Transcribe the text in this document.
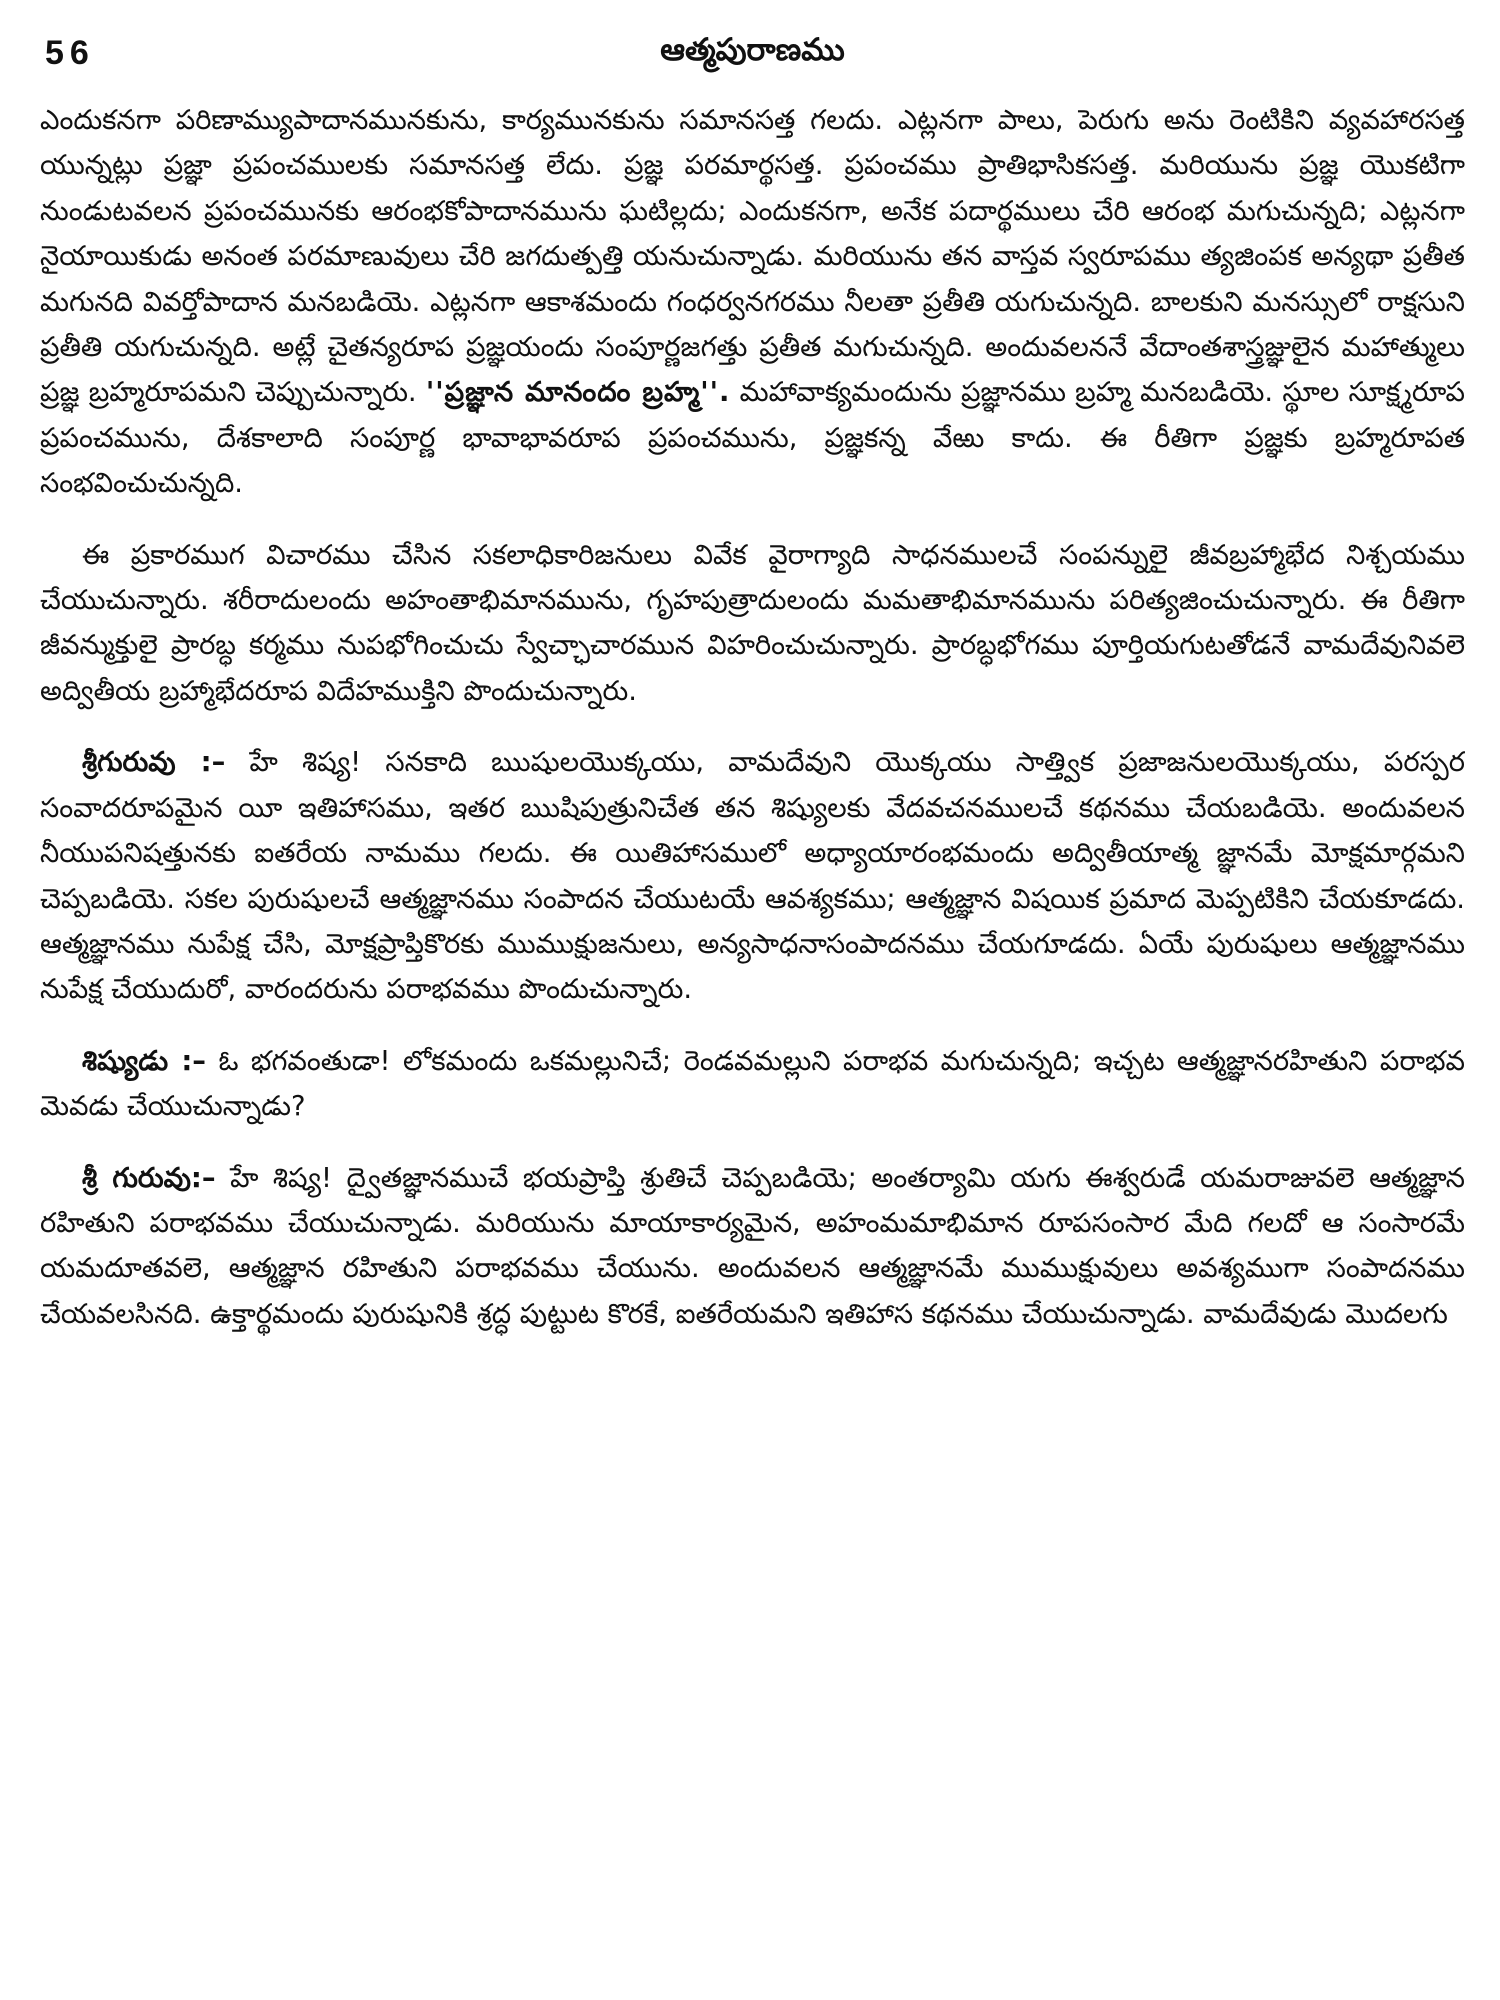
56	ఆత్మపురాణము

ఎందుకనగా పరిణామ్యుపాదానమునకును, కార్యమునకును సమానసత్త గలదు. ఎట్లనగా పాలు, పెరుగు అను రెంటికిని వ్యవహారసత్త యున్నట్లు ప్రజ్ఞా ప్రపంచములకు సమానసత్త లేదు. ప్రజ్ఞ పరమార్థసత్త. ప్రపంచము ప్రాతిభాసికసత్త. మరియును ప్రజ్ఞ యొకటిగా నుండుటవలన ప్రపంచమునకు ఆరంభకోపాదానమును ఘటిల్లదు; ఎందుకనగా, అనేక పదార్థములు చేరి ఆరంభ మగుచున్నది; ఎట్లనగా నైయాయికుడు అనంత పరమాణువులు చేరి జగదుత్పత్తి యనుచున్నాడు. మరియును తన వాస్తవ స్వరూపము త్యజింపక అన్యథా ప్రతీత మగునది వివర్తోపాదాన మనబడియె. ఎట్లనగా ఆకాశమందు గంధర్వనగరము నీలతా ప్రతీతి యగుచున్నది. బాలకుని మనస్సులో రాక్షసుని ప్రతీతి యగుచున్నది. అట్లే చైతన్యరూప ప్రజ్ఞయందు సంపూర్ణజగత్తు ప్రతీత మగుచున్నది. అందువలననే వేదాంతశాస్త్రజ్ఞులైన మహాత్ములు ప్రజ్ఞ బ్రహ్మరూపమని చెప్పుచున్నారు. ''ప్రజ్ఞాన మానందం బ్రహ్మ''. మహావాక్యమందును ప్రజ్ఞానము బ్రహ్మ మనబడియె. స్థూల సూక్ష్మరూప ప్రపంచమును, దేశకాలాది సంపూర్ణ భావాభావరూప ప్రపంచమును, ప్రజ్ఞకన్న వేఱు కాదు. ఈ రీతిగా ప్రజ్ఞకు బ్రహ్మరూపత సంభవించుచున్నది.

ఈ ప్రకారముగ విచారము చేసిన సకలాధికారిజనులు వివేక వైరాగ్యాది సాధనములచే సంపన్నులై జీవబ్రహ్మాభేద నిశ్చయము చేయుచున్నారు. శరీరాదులందు అహంతాభిమానమును, గృహపుత్రాదులందు మమతాభిమానమును పరిత్యజించుచున్నారు. ఈ రీతిగా జీవన్ముక్తులై ప్రారబ్ధ కర్మము నుపభోగించుచు స్వేచ్ఛాచారమున విహరించుచున్నారు. ప్రారబ్ధభోగము పూర్తియగుటతోడనే వామదేవునివలె అద్వితీయ బ్రహ్మాభేదరూప విదేహముక్తిని పొందుచున్నారు.

శ్రీగురువు :– హే శిష్య! సనకాది ఋషులయొక్కయు, వామదేవుని యొక్కయు సాత్త్విక ప్రజాజనులయొక్కయు, పరస్పర సంవాదరూపమైన యీ ఇతిహాసము, ఇతర ఋషిపుత్రునిచేత తన శిష్యులకు వేదవచనములచే కథనము చేయబడియె. అందువలన నీయుపనిషత్తునకు ఐతరేయ నామము గలదు. ఈ యితిహాసములో అధ్యాయారంభమందు అద్వితీయాత్మ జ్ఞానమే మోక్షమార్గమని చెప్పబడియె. సకల పురుషులచే ఆత్మజ్ఞానము సంపాదన చేయుటయే ఆవశ్యకము; ఆత్మజ్ఞాన విషయిక ప్రమాద మెప్పటికిని చేయకూడదు. ఆత్మజ్ఞానము నుపేక్ష చేసి, మోక్షప్రాప్తికొరకు ముముక్షుజనులు, అన్యసాధనాసంపాదనము చేయగూడదు. ఏయే పురుషులు ఆత్మజ్ఞానము నుపేక్ష చేయుదురో, వారందరును పరాభవము పొందుచున్నారు.

శిష్యుడు :– ఓ భగవంతుడా! లోకమందు ఒకమల్లునిచే; రెండవమల్లుని పరాభవ మగుచున్నది; ఇచ్చట ఆత్మజ్ఞానరహితుని పరాభవ మెవడు చేయుచున్నాడు?

శ్రీ గురువు:– హే శిష్య! ద్వైతజ్ఞానముచే భయప్రాప్తి శ్రుతిచే చెప్పబడియె; అంతర్యామి యగు ఈశ్వరుడే యమరాజువలె ఆత్మజ్ఞాన రహితుని పరాభవము చేయుచున్నాడు. మరియును మాయాకార్యమైన, అహంమమాభిమాన రూపసంసార మేది గలదో ఆ సంసారమే యమదూతవలె, ఆత్మజ్ఞాన రహితుని పరాభవము చేయును. అందువలన ఆత్మజ్ఞానమే ముముక్షువులు అవశ్యముగా సంపాదనము చేయవలసినది. ఉక్తార్థమందు పురుషునికి శ్రద్ధ పుట్టుట కొరకే, ఐతరేయమని ఇతిహాస కథనము చేయుచున్నాడు. వామదేవుడు మొదలగు
